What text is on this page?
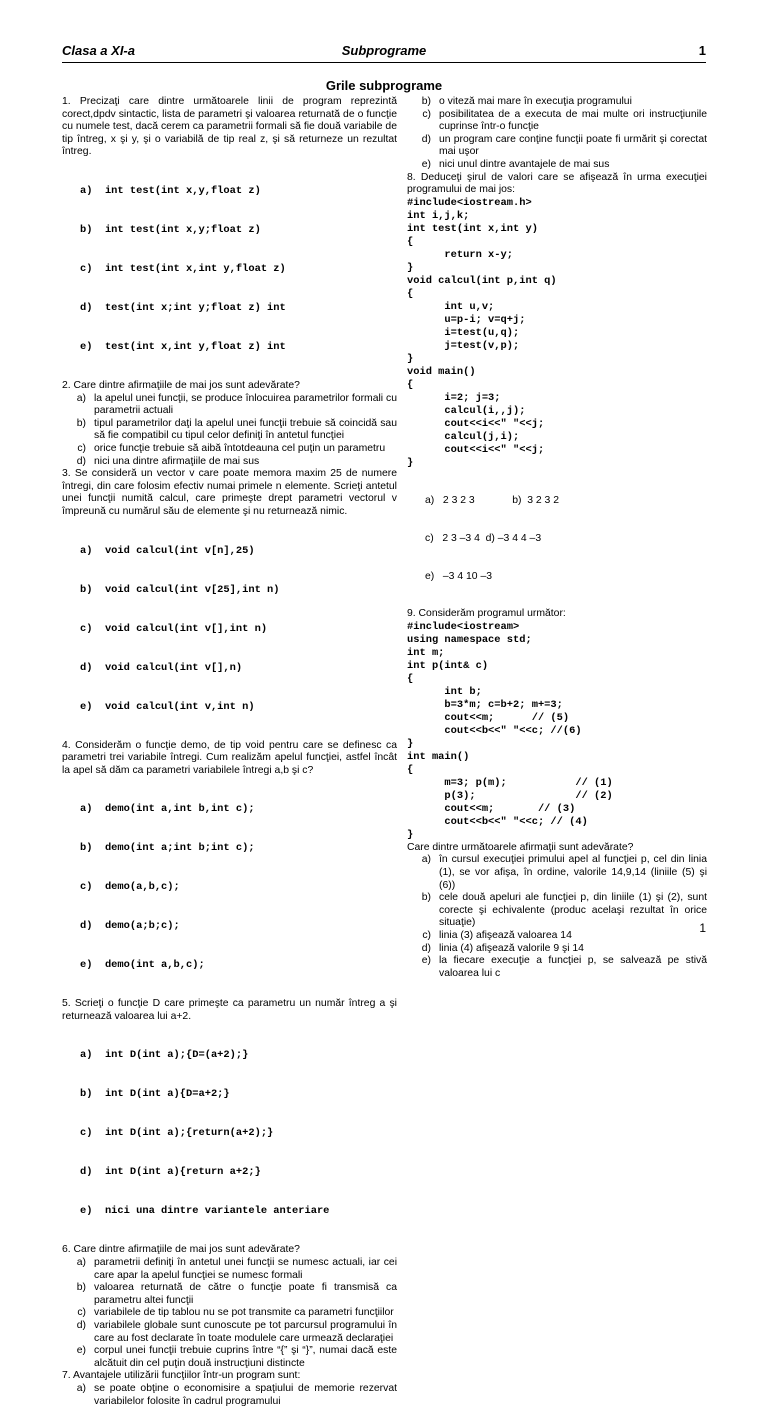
Clasa a XI-a	Subprograme	1
Grile subprograme

1. Precizaţi care dintre următoarele linii de program reprezintă corect,dpdv sintactic, lista de parametri şi valoarea returnată de o funcţie cu numele test, dacă cerem ca parametrii formali să fie două variabile de tip întreg, x şi y, şi o variabilă de tip real z, şi să returneze un rezultat întreg.

a)  int test(int x,y,float z)

b)  int test(int x,y;float z)

c)  int test(int x,int y,float z)

d)  test(int x;int y;float z) int

e)  test(int x,int y,float z) int

2. Care dintre afirmaţiile de mai jos sunt adevărate?

a) la apelul unei funcţii, se produce înlocuirea parametrilor formali cu parametrii actuali
b) tipul parametrilor daţi la apelul unei funcţii trebuie să coincidă sau să fie compatibil cu tipul celor definiţi în antetul funcţiei
c) orice funcţie trebuie să aibă întotdeauna cel puţin un parametru
d) nici una dintre afirmaţiile de mai sus

3. Se consideră un vector v care poate memora maxim 25 de numere întregi, din care folosim efectiv numai primele n elemente. Scrieţi antetul unei funcţii numită calcul, care primeşte drept parametri vectorul v împreună cu numărul său de elemente şi nu returnează nimic.

a)  void calcul(int v[n],25)

b)  void calcul(int v[25],int n)

c)  void calcul(int v[],int n)

d)  void calcul(int v[],n)

e)  void calcul(int v,int n)

4. Considerăm o funcţie demo, de tip void pentru care se definesc ca parametri trei variabile întregi. Cum realizăm apelul funcţiei, astfel încât la apel să dăm ca parametri variabilele întregi a,b şi c?

a)  demo(int a,int b,int c);

b)  demo(int a;int b;int c);

c)  demo(a,b,c);

d)  demo(a;b;c);

e)  demo(int a,b,c);

5. Scrieţi o funcţie D care primeşte ca parametru un număr întreg a şi returnează valoarea lui a+2.

a)  int D(int a);{D=(a+2);}

b)  int D(int a){D=a+2;}

c)  int D(int a);{return(a+2);}

d)  int D(int a){return a+2;}

e)  nici una dintre variantele anteriare

6. Care dintre afirmaţiile de mai jos sunt adevărate?

a) parametrii definiţi în antetul unei funcţii se numesc actuali, iar cei care apar la apelul funcţiei se numesc formali
b) valoarea returnată de către o funcţie poate fi transmisă ca parametru altei funcţii
c) variabilele de tip tablou nu se pot transmite ca parametri funcţiilor
d) variabilele globale sunt cunoscute pe tot parcursul programului în care au fost declarate în toate modulele care urmează declaraţiei
e) corpul unei funcţii trebuie cuprins între “{” şi “}”, numai dacă este alcătuit din cel puţin două instrucţiuni distincte

7. Avantajele utilizării funcţiilor într-un program sunt:

a) se poate obţine o economisire a spaţiului de memorie rezervat variabilelor folosite în cadrul programului
b) o viteză mai mare în execuţia programului
c) posibilitatea de a executa de mai multe ori instrucţiunile cuprinse într-o funcţie
d) un program care conţine funcţii poate fi urmărit şi corectat mai uşor
e) nici unul dintre avantajele de mai sus

8. Deduceţi şirul de valori care se afişează în urma execuţiei programului de mai jos:

#include<iostream.h>
int i,j,k;
int test(int x,int y)
{
return x-y;
}
void calcul(int p,int q)
{
int u,v;
u=p-i; v=q+j;
i=test(u,q);
j=test(v,p);
}
void main()
{
i=2; j=3;
calcul(i,,j);
cout<<i<<" "<<j;
calcul(j,i);
cout<<i<<" "<<j;
}

a)   2 3 2 3             b)  3 2 3 2

c)   2 3 –3 4  d) –3 4 4 –3

e)   –3 4 10 –3

9. Considerăm programul următor:

#include<iostream>
using namespace std;
int m;
int p(int& c)
{
int b;
b=3*m; c=b+2; m+=3;
cout<<m;      // (5)
cout<<b<<" "<<c; //(6)
}
int main()
{
m=3; p(m);           // (1)
p(3);                // (2)
cout<<m;       // (3)
cout<<b<<" "<<c; // (4)
}

Care dintre următoarele afirmaţii sunt adevărate?

a) în cursul execuţiei primului apel al funcţiei p, cel din linia (1), se vor afişa, în ordine, valorile 14,9,14 (liniile (5) şi (6))
b) cele două apeluri ale funcţiei p, din liniile (1) şi (2), sunt corecte şi echivalente (produc acelaşi rezultat în orice situaţie)
c) linia (3) afişează valoarea 14
d) linia (4) afişează valorile 9 şi 14
e) la fiecare execuţie a funcţiei p, se salvează pe stivă valoarea lui c
1
